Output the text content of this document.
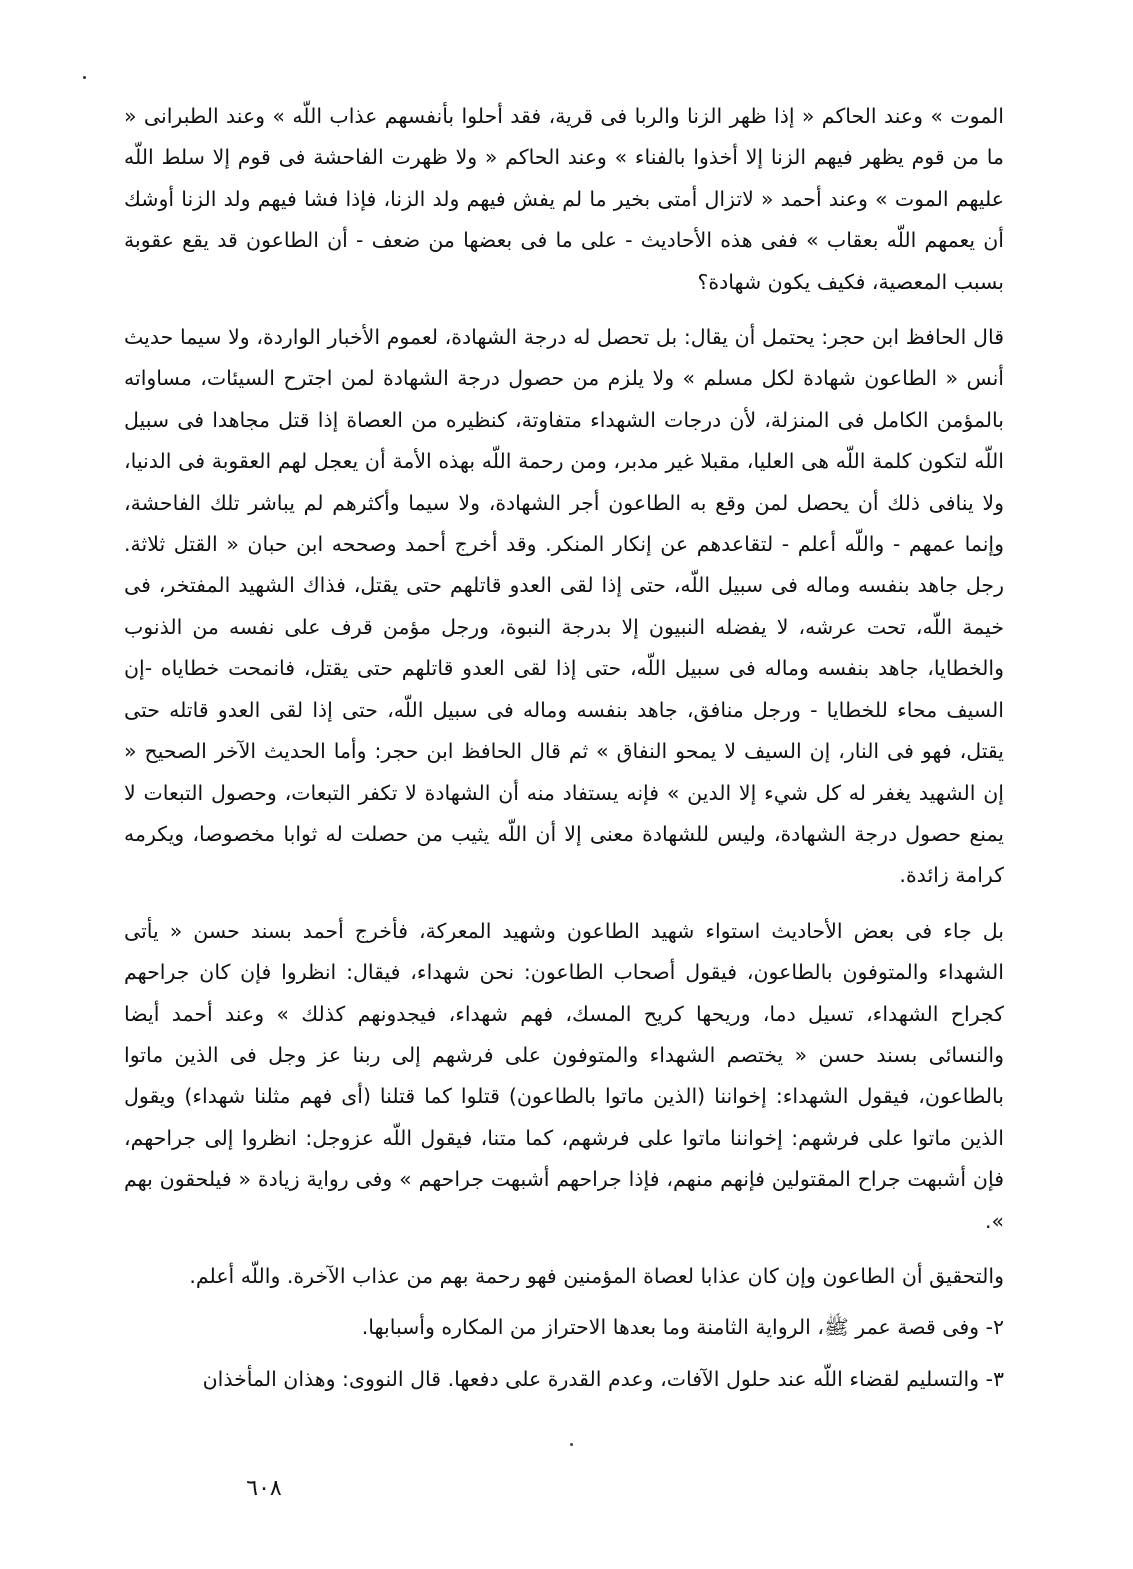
الموت » وعند الحاكم « إذا ظهر الزنا والربا فى قرية، فقد أحلوا بأنفسهم عذاب اللّه » وعند الطبرانى « ما من قوم يظهر فيهم الزنا إلا أخذوا بالفناء » وعند الحاكم « ولا ظهرت الفاحشة فى قوم إلا سلط اللّه عليهم الموت » وعند أحمد « لاتزال أمتى بخير ما لم يفش فيهم ولد الزنا، فإذا فشا فيهم ولد الزنا أوشك أن يعمهم اللّه بعقاب » ففى هذه الأحاديث - على ما فى بعضها من ضعف - أن الطاعون قد يقع عقوبة بسبب المعصية، فكيف يكون شهادة؟

قال الحافظ ابن حجر: يحتمل أن يقال: بل تحصل له درجة الشهادة، لعموم الأخبار الواردة، ولا سيما حديث أنس « الطاعون شهادة لكل مسلم » ولا يلزم من حصول درجة الشهادة لمن اجترح السيئات، مساواته بالمؤمن الكامل فى المنزلة، لأن درجات الشهداء متفاوتة، كنظيره من العصاة إذا قتل مجاهدا فى سبيل اللّه لتكون كلمة اللّه هى العليا، مقبلا غير مدبر، ومن رحمة اللّه بهذه الأمة أن يعجل لهم العقوبة فى الدنيا، ولا ينافى ذلك أن يحصل لمن وقع به الطاعون أجر الشهادة، ولا سيما وأكثرهم لم يباشر تلك الفاحشة، وإنما عمهم - واللّه أعلم - لتقاعدهم عن إنكار المنكر. وقد أخرج أحمد وصححه ابن حبان « القتل ثلاثة. رجل جاهد بنفسه وماله فى سبيل اللّه، حتى إذا لقى العدو قاتلهم حتى يقتل، فذاك الشهيد المفتخر، فى خيمة اللّه، تحت عرشه، لا يفضله النبيون إلا بدرجة النبوة، ورجل مؤمن قرف على نفسه من الذنوب والخطايا، جاهد بنفسه وماله فى سبيل اللّه، حتى إذا لقى العدو قاتلهم حتى يقتل، فانمحت خطاياه -إن السيف محاء للخطايا - ورجل منافق، جاهد بنفسه وماله فى سبيل اللّه، حتى إذا لقى العدو قاتله حتى يقتل، فهو فى النار، إن السيف لا يمحو النفاق » ثم قال الحافظ ابن حجر: وأما الحديث الآخر الصحيح « إن الشهيد يغفر له كل شيء إلا الدين » فإنه يستفاد منه أن الشهادة لا تكفر التبعات، وحصول التبعات لا يمنع حصول درجة الشهادة، وليس للشهادة معنى إلا أن اللّه يثيب من حصلت له ثوابا مخصوصا، ويكرمه كرامة زائدة.

بل جاء فى بعض الأحاديث استواء شهيد الطاعون وشهيد المعركة، فأخرج أحمد بسند حسن « يأتى الشهداء والمتوفون بالطاعون، فيقول أصحاب الطاعون: نحن شهداء، فيقال: انظروا فإن كان جراحهم كجراح الشهداء، تسيل دما، وريحها كريح المسك، فهم شهداء، فيجدونهم كذلك » وعند أحمد أيضا والنسائى بسند حسن « يختصم الشهداء والمتوفون على فرشهم إلى ربنا عز وجل فى الذين ماتوا بالطاعون، فيقول الشهداء: إخواننا (الذين ماتوا بالطاعون) قتلوا كما قتلنا (أى فهم مثلنا شهداء) ويقول الذين ماتوا على فرشهم: إخواننا ماتوا على فرشهم، كما متنا، فيقول اللّه عزوجل: انظروا إلى جراحهم، فإن أشبهت جراح المقتولين فإنهم منهم، فإذا جراحهم أشبهت جراحهم » وفى رواية زيادة « فيلحقون بهم ».

والتحقيق أن الطاعون وإن كان عذابا لعصاة المؤمنين فهو رحمة بهم من عذاب الآخرة. واللّه أعلم.

٢- وفى قصة عمر ﷺ، الرواية الثامنة وما بعدها الاحتراز من المكاره وأسبابها.

٣- والتسليم لقضاء اللّه عند حلول الآفات، وعدم القدرة على دفعها. قال النووى: وهذان المأخذان

٦٠٨
